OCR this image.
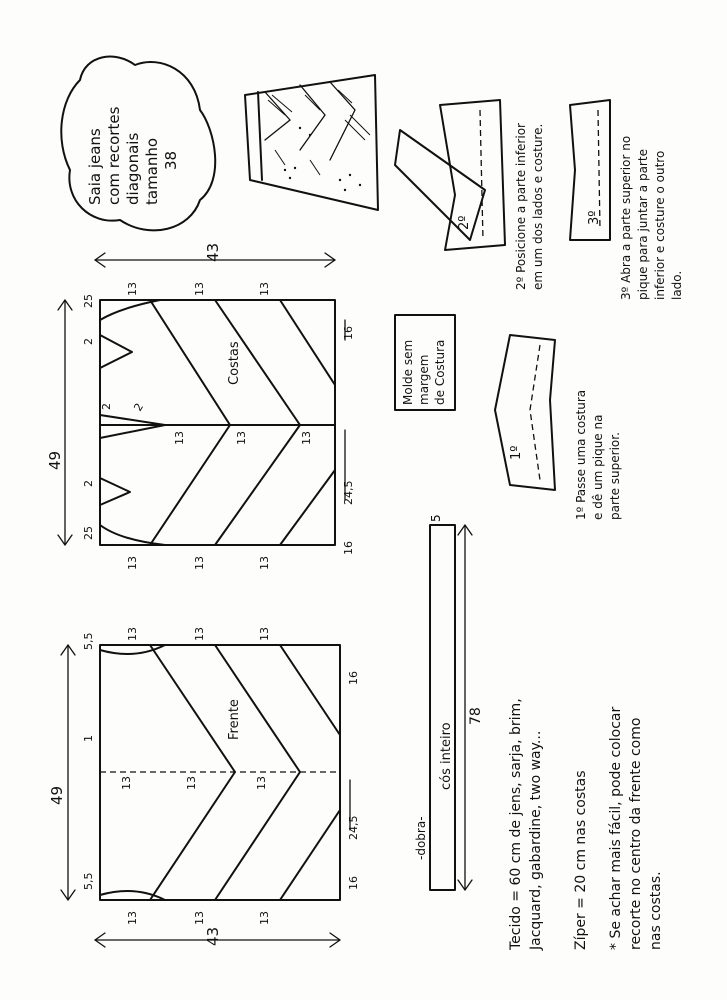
Saia jeans com recortes diagonais tamanho 38
2º	2º Posicione a parte inferior em um dos lados e costure.	3º 3º Abra a parte superior no pique para juntar a parte inferior e costure o outro lado.
43
Costas
49
25
25
2
2
2
2
13	13	13
13	13	13
13	13	13
16
16
24,5
43
Frente
49
5,5
5,5
1
13	13	13
13	13	13
13	13	13
16
16
24,5
Molde sem margem de Costura
1º	1º Passe uma costura e dê um pique na parte superior.
5
-dobra-
cós inteiro
78 Tecido = 60 cm de jens, sarja, brim, Jacquard, gabardine, two way... Zíper = 20 cm nas costas * Se achar mais fácil, pode colocar recorte no centro da frente como nas costas.
